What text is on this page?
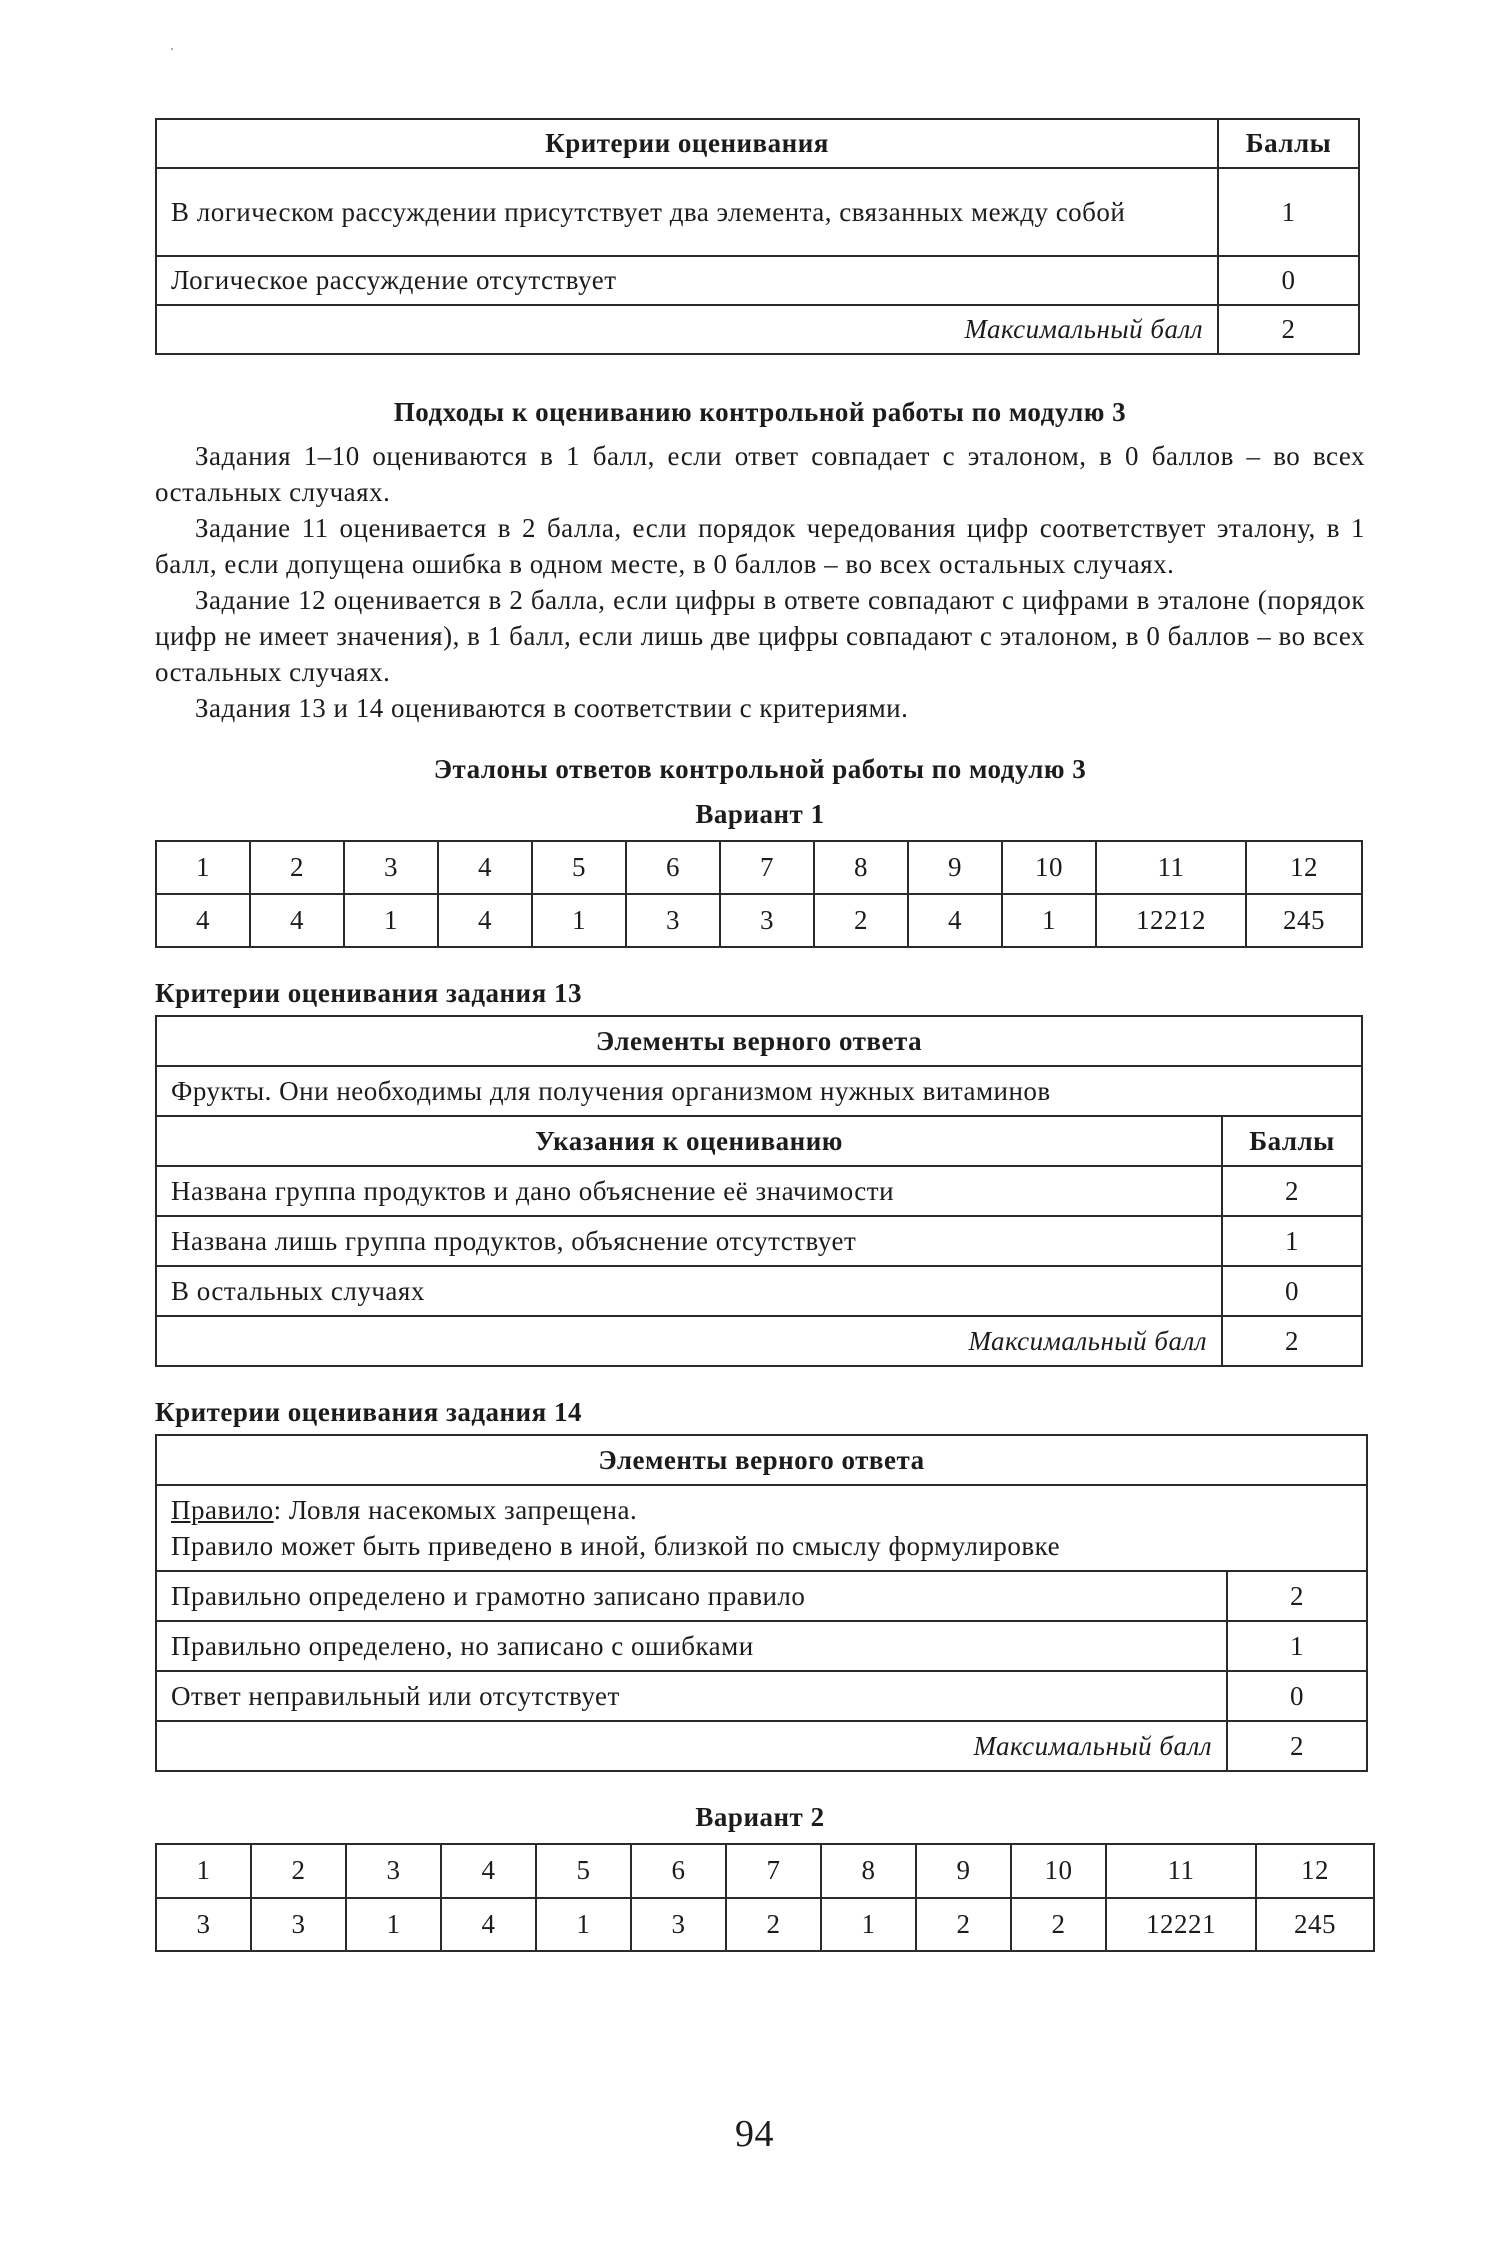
Критерии оценивания	Баллы
В логическом рассуждении присутствует два элемента, связанных между собой	1
Логическое рассуждение отсутствует	0
Максимальный балл	2

Подходы к оцениванию контрольной работы по модулю 3

Задания 1–10 оцениваются в 1 балл, если ответ совпадает с эталоном, в 0 баллов – во всех остальных случаях.

Задание 11 оценивается в 2 балла, если порядок чередования цифр соответствует эталону, в 1 балл, если допущена ошибка в одном месте, в 0 баллов – во всех остальных случаях.

Задание 12 оценивается в 2 балла, если цифры в ответе совпадают с цифрами в эталоне (порядок цифр не имеет значения), в 1 балл, если лишь две цифры совпадают с эталоном, в 0 баллов – во всех остальных случаях.

Задания 13 и 14 оцениваются в соответствии с критериями.

Эталоны ответов контрольной работы по модулю 3

Вариант 1

1	2	3	4	5	6	7	8	9	10	11	12
4	4	1	4	1	3	3	2	4	1	12212	245

Критерии оценивания задания 13

Элементы верного ответа	
Фрукты. Они необходимы для получения организмом нужных витаминов	
Указания к оцениванию	Баллы
Названа группа продуктов и дано объяснение её значимости	2
Названа лишь группа продуктов, объяснение отсутствует	1
В остальных случаях	0
Максимальный балл	2

Критерии оценивания задания 14

Элементы верного ответа	
Правило: Ловля насекомых запрещена.
Правило может быть приведено в иной, близкой по смыслу формулировке	
Правильно определено и грамотно записано правило	2
Правильно определено, но записано с ошибками	1
Ответ неправильный или отсутствует	0
Максимальный балл	2

Вариант 2

1	2	3	4	5	6	7	8	9	10	11	12
3	3	1	4	1	3	2	1	2	2	12221	245
94
